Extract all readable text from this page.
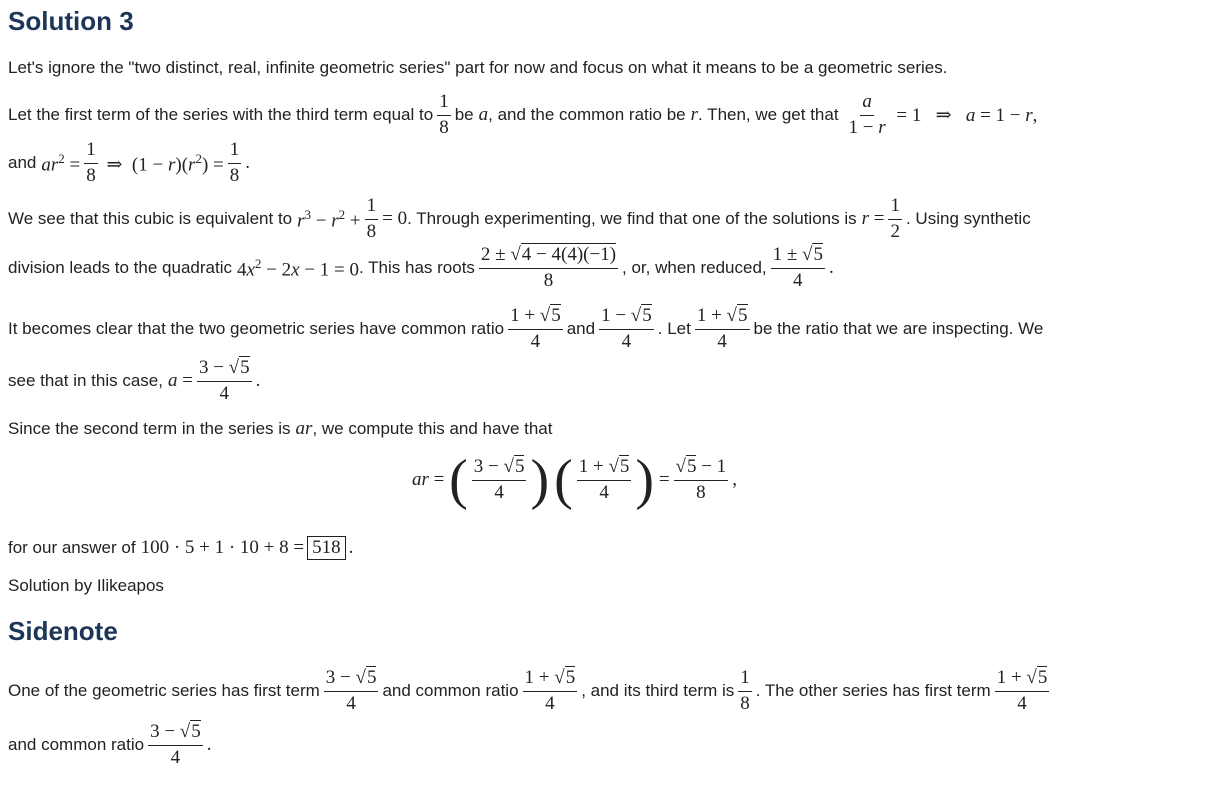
Solution 3
Let's ignore the "two distinct, real, infinite geometric series" part for now and focus on what it means to be a geometric series.
Let the first term of the series with the third term equal to $\frac{1}{8}$ be a , and the common ratio be r . Then, we get that $\frac{a}{1 - r} = 1$   ⇒   a = 1 − r,
and $ar^2 = \frac{1}{8}$ ⇒  $(1 - r)(r^2) = \frac{1}{8}$ .
We see that this cubic is equivalent to $r^3 - r^2 + \frac{1}{8} = 0$ . Through experimenting, we find that one of the solutions is $r = \frac{1}{2}$ . Using synthetic
division leads to the quadratic $4x^2 - 2x - 1 = 0$ . This has roots $\frac{2 \pm √4 - 4(4)(-1)}{8}$ , or, when reduced, $\frac{1 \pm √5}{4}$ .
It becomes clear that the two geometric series have common ratio $\frac{1 + √5}{4}$ and $\frac{1 - √5}{4}$ . Let $\frac{1 + √5}{4}$ be the ratio that we are inspecting. We
see that in this case, $a = \frac{3 - √5}{4}$ .
Since the second term in the series is ar , we compute this and have that
ar = ( $\frac{3 - √5}{4}$ ) ( $\frac{1 + √5}{4}$ ) = $\frac{√5 - 1}{8}$ ,
for our answer of 100 · 5 + 1 · 10 + 8 = 518 .
Solution by Ilikeapos
Sidenote
One of the geometric series has first term $\frac{3 - √5}{4}$ and common ratio $\frac{1 + √5}{4}$ , and its third term is $\frac{1}{8}$ . The other series has first term $\frac{1 + √5}{4}$
and common ratio $\frac{3 - √5}{4}$ .
